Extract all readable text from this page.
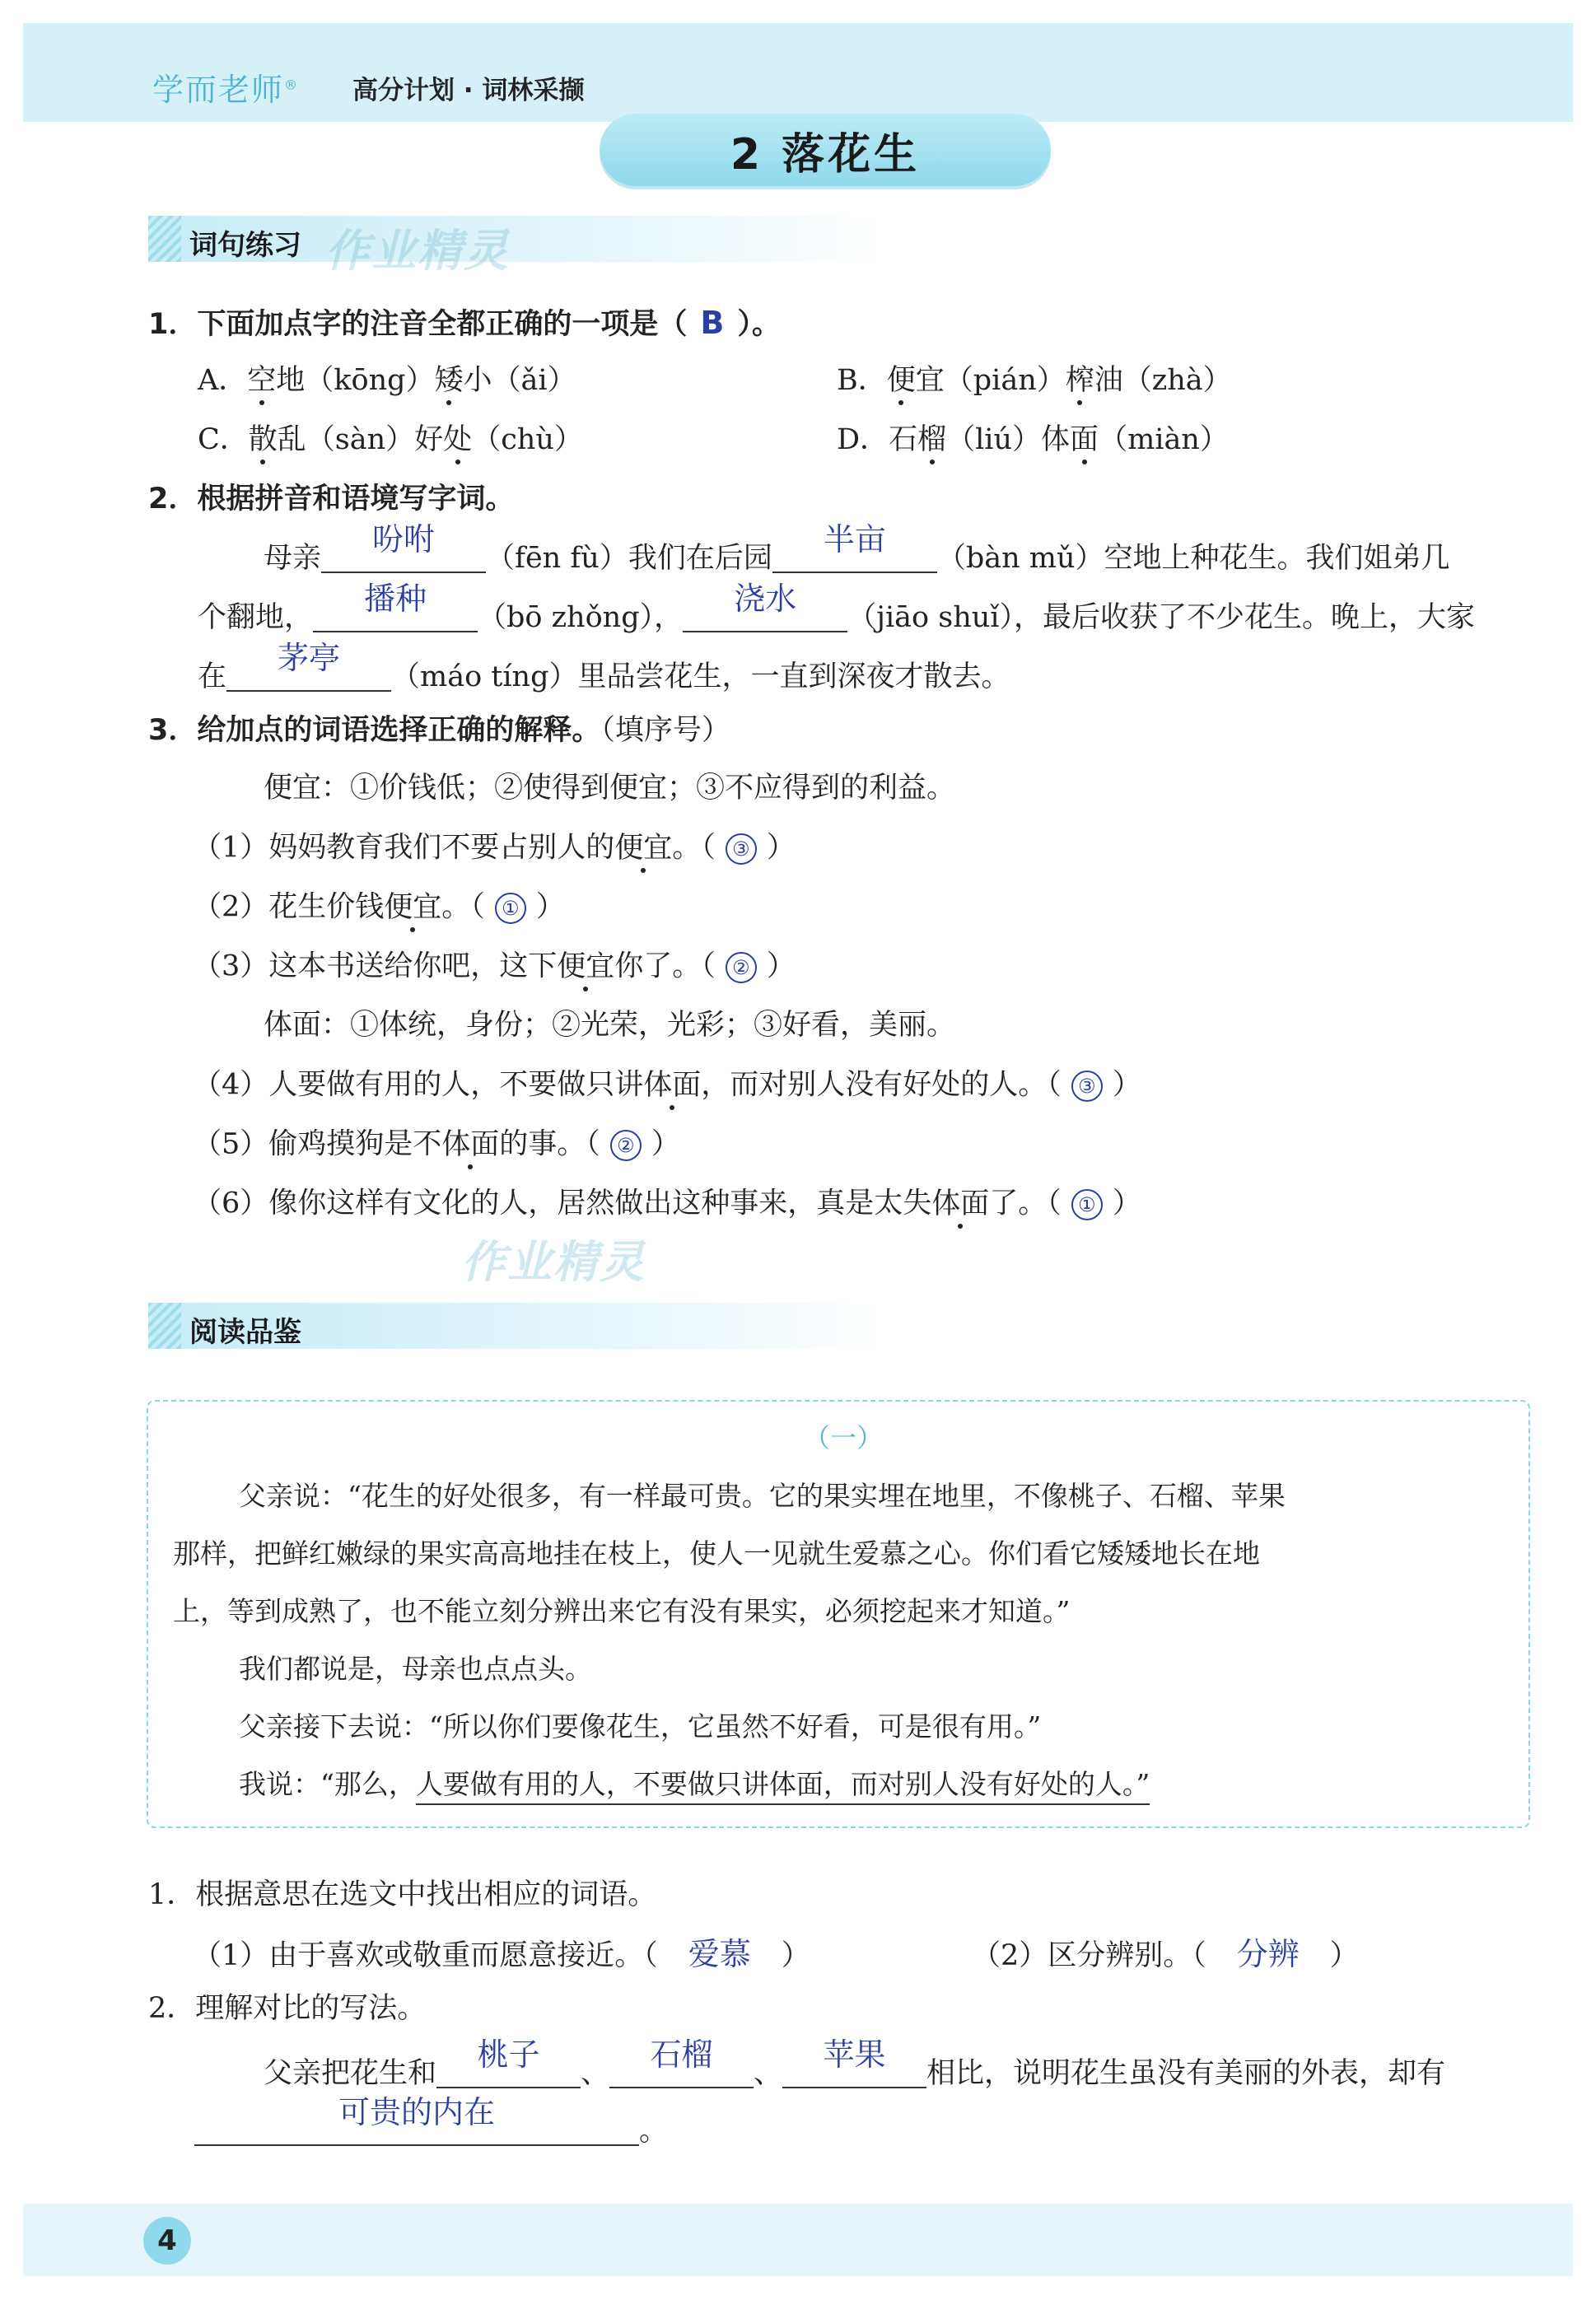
学而老师® 高分计划 · 词林采撷
2 落花生
词句练习 作业精灵
1．下面加点字的注音全都正确的一项是（ B ）。
A．空地（kōng）矮小（ǎi）	B．便宜（pián）榨油（zhà）
C．散乱（sàn）好处（chù）	D．石榴（liú）体面（miàn）
2．根据拼音和语境写字词。
母亲
吩咐
（fēn fù）我们在后园
半亩
（bàn mǔ）空地上种花生。我们姐弟几
个翻地，
播种
（bō zhǒng），
浇水
（jiāo shuǐ），最后收获了不少花生。晚上，大家
在
茅亭
（máo tíng）里品尝花生，一直到深夜才散去。
3．给加点的词语选择正确的解释。（填序号）
便宜：①价钱低；②使得到便宜；③不应得到的利益。
（1）妈妈教育我们不要占别人的便宜。（ ③ ）
（2）花生价钱便宜。（ ① ）
（3）这本书送给你吧，这下便宜你了。（ ② ）
体面：①体统，身份；②光荣，光彩；③好看，美丽。
（4）人要做有用的人，不要做只讲体面，而对别人没有好处的人。（ ③ ）
（5）偷鸡摸狗是不体面的事。（ ② ）
（6）像你这样有文化的人，居然做出这种事来，真是太失体面了。（ ① ）
作业精灵
阅读品鉴
（一）
父亲说：“花生的好处很多，有一样最可贵。它的果实埋在地里，不像桃子、石榴、苹果
那样，把鲜红嫩绿的果实高高地挂在枝上，使人一见就生爱慕之心。你们看它矮矮地长在地
上，等到成熟了，也不能立刻分辨出来它有没有果实，必须挖起来才知道。”
我们都说是，母亲也点点头。
父亲接下去说：“所以你们要像花生，它虽然不好看，可是很有用。”
我说：“那么，人要做有用的人，不要做只讲体面，而对别人没有好处的人。”
1．根据意思在选文中找出相应的词语。
（1）由于喜欢或敬重而愿意接近。（ 爱慕 ）	（2）区分辨别。（ 分辨 ）
2．理解对比的写法。
父亲把花生和
桃子
、
石榴
、
苹果
相比，说明花生虽没有美丽的外表，却有
可贵的内在
。
4
